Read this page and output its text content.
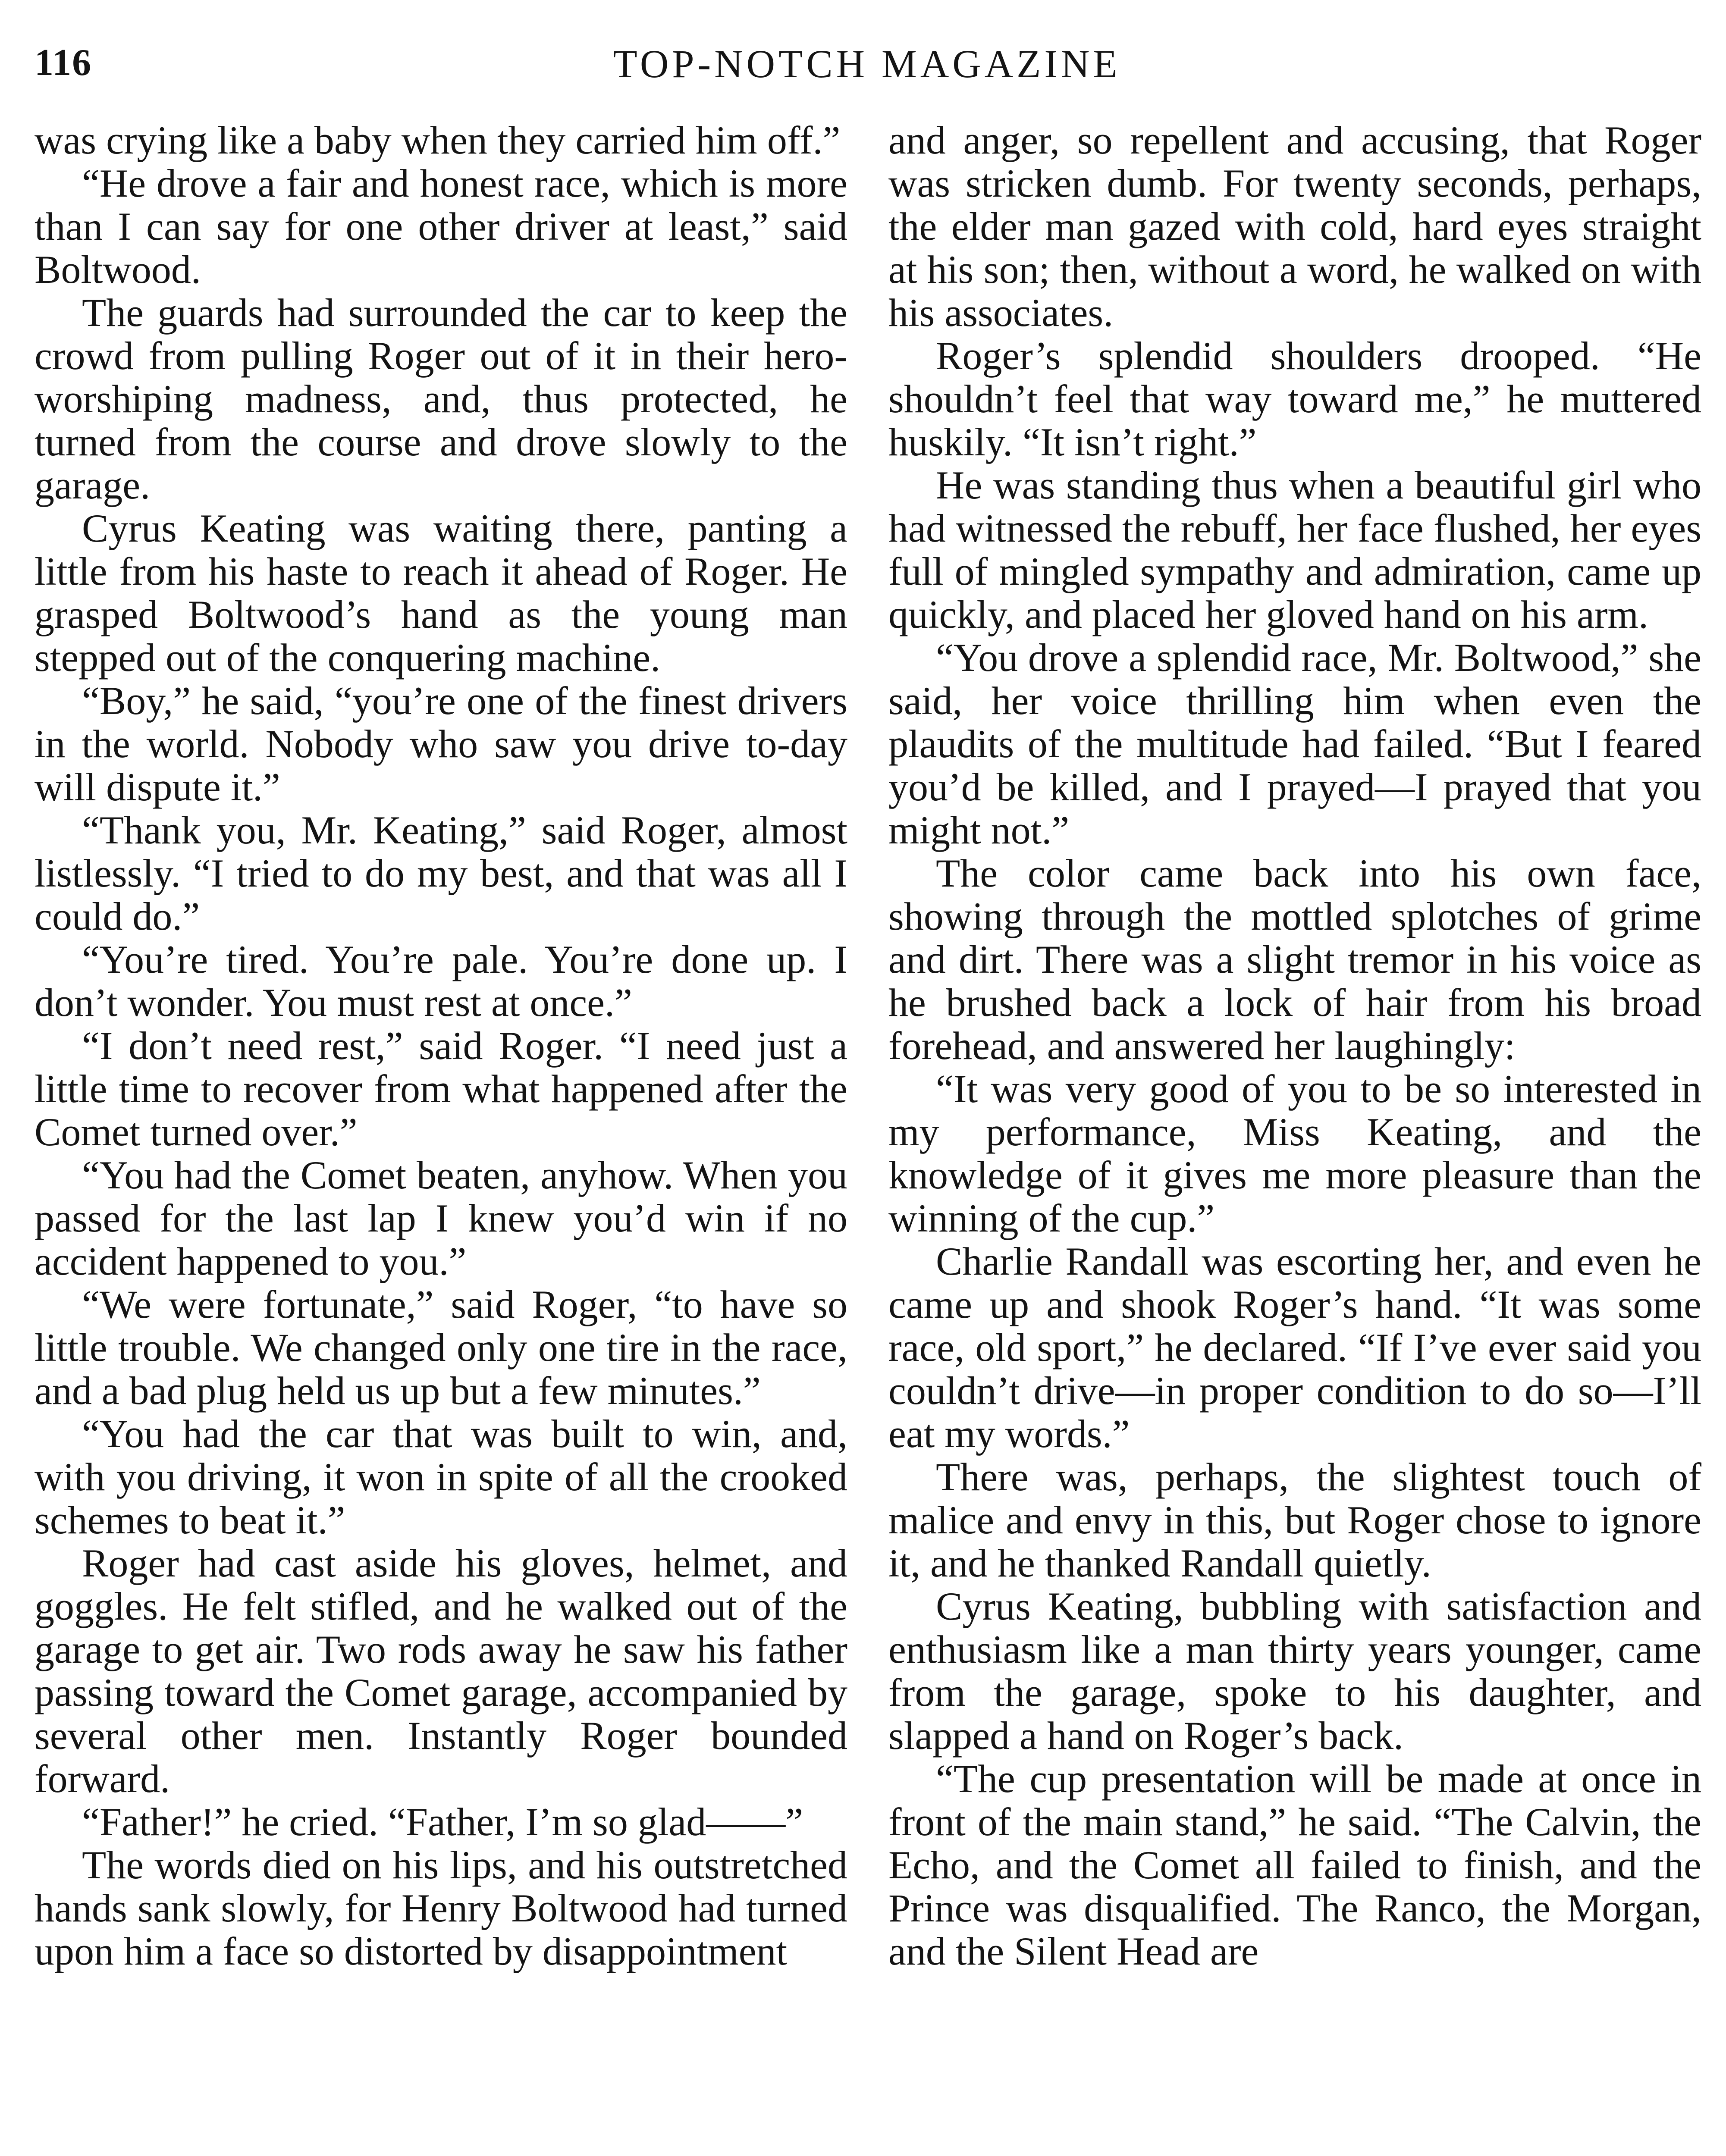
116	TOP-NOTCH MAGAZINE

was crying like a baby when they carried him off.”

“He drove a fair and honest race, which is more than I can say for one other driver at least,” said Boltwood.

The guards had surrounded the car to keep the crowd from pulling Roger out of it in their hero-worshiping madness, and, thus protected, he turned from the course and drove slowly to the garage.

Cyrus Keating was waiting there, panting a little from his haste to reach it ahead of Roger. He grasped Boltwood’s hand as the young man stepped out of the conquering machine.

“Boy,” he said, “you’re one of the finest drivers in the world. Nobody who saw you drive to-day will dispute it.”

“Thank you, Mr. Keating,” said Roger, almost listlessly. “I tried to do my best, and that was all I could do.”

“You’re tired. You’re pale. You’re done up. I don’t wonder. You must rest at once.”

“I don’t need rest,” said Roger. “I need just a little time to recover from what happened after the Comet turned over.”

“You had the Comet beaten, anyhow. When you passed for the last lap I knew you’d win if no accident happened to you.”

“We were fortunate,” said Roger, “to have so little trouble. We changed only one tire in the race, and a bad plug held us up but a few minutes.”

“You had the car that was built to win, and, with you driving, it won in spite of all the crooked schemes to beat it.”

Roger had cast aside his gloves, helmet, and goggles. He felt stifled, and he walked out of the garage to get air. Two rods away he saw his father passing toward the Comet garage, accompanied by several other men. Instantly Roger bounded forward.

“Father!” he cried. “Father, I’m so glad——”

The words died on his lips, and his outstretched hands sank slowly, for Henry Boltwood had turned upon him a face so distorted by disappointment

and anger, so repellent and accusing, that Roger was stricken dumb. For twenty seconds, perhaps, the elder man gazed with cold, hard eyes straight at his son; then, without a word, he walked on with his associates.

Roger’s splendid shoulders drooped. “He shouldn’t feel that way toward me,” he muttered huskily. “It isn’t right.”

He was standing thus when a beautiful girl who had witnessed the rebuff, her face flushed, her eyes full of mingled sympathy and admiration, came up quickly, and placed her gloved hand on his arm.

“You drove a splendid race, Mr. Boltwood,” she said, her voice thrilling him when even the plaudits of the multitude had failed. “But I feared you’d be killed, and I prayed—I prayed that you might not.”

The color came back into his own face, showing through the mottled splotches of grime and dirt. There was a slight tremor in his voice as he brushed back a lock of hair from his broad forehead, and answered her laughingly:

“It was very good of you to be so interested in my performance, Miss Keating, and the knowledge of it gives me more pleasure than the winning of the cup.”

Charlie Randall was escorting her, and even he came up and shook Roger’s hand. “It was some race, old sport,” he declared. “If I’ve ever said you couldn’t drive—in proper condition to do so—I’ll eat my words.”

There was, perhaps, the slightest touch of malice and envy in this, but Roger chose to ignore it, and he thanked Randall quietly.

Cyrus Keating, bubbling with satisfaction and enthusiasm like a man thirty years younger, came from the garage, spoke to his daughter, and slapped a hand on Roger’s back.

“The cup presentation will be made at once in front of the main stand,” he said. “The Calvin, the Echo, and the Comet all failed to finish, and the Prince was disqualified. The Ranco, the Morgan, and the Silent Head are
